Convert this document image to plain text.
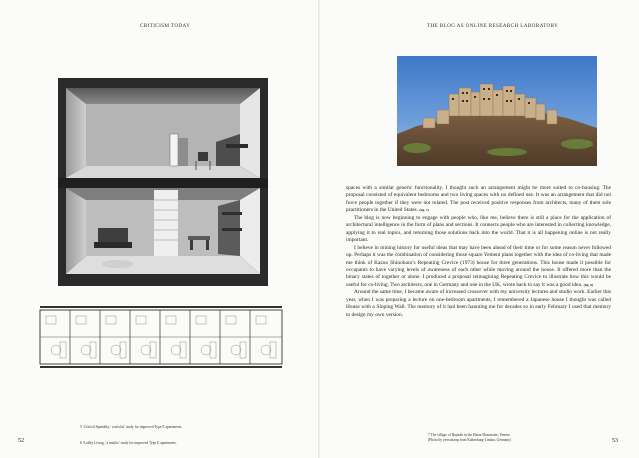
CRITICISM TODAY
5 ‘Critical Spatiality,’ a misfits’ study for improved Type E apartments.
6 ‘Lobby Living,’ a misfits’ study for improved Type E apartments.
52
THE BLOG AS ONLINE RESEARCH LABORATORY

spaces with a similar generic functionality. I thought such an arrangement might be more suited to co-housing. The proposal consisted of equivalent bedrooms and two living spaces with no defined use. It was an arrangement that did not force people together if they were not related. The post received positive responses from architects, many of them sole practitioners in the United States. (fig. 7)

The blog is now beginning to engage with people who, like me, believe there is still a place for the application of architectural intelligence in the form of plans and sections. It connects people who are interested in collecting knowledge, applying it to real topics, and returning those solutions back into the world. That it is all happening online is not really important.

I believe in mining history for useful ideas that may have been ahead of their time or for some reason never followed up. Perhaps it was the combination of considering those square Yemeni plans together with the idea of co-living that made me think of Kazuo Shinohara’s Repeating Crevice (1973) house for three generations. This house made it possible for occupants to have varying levels of awareness of each other while moving around the house. It offered more than the binary states of together or alone. I produced a proposal reimagining Repeating Crevice to illustrate how this would be useful for co-living. Two architects, one in Germany and one in the UK, wrote back to say it was a good idea. (fig. 8)

Around the same time, I became aware of increased crossover with my university lectures and studio work. Earlier this year, when I was preparing a lecture on one-bedroom apartments, I remembered a Japanese house I thought was called House with a Sloping Wall. The memory of it had been haunting me for decades so in early February I used that memory to design my own version.

7 The village of Hajarah in the Haraz Mountains, Yemen.
(Photo by yeowatzup from Kaltenburg-Lindau, Germany)	53
